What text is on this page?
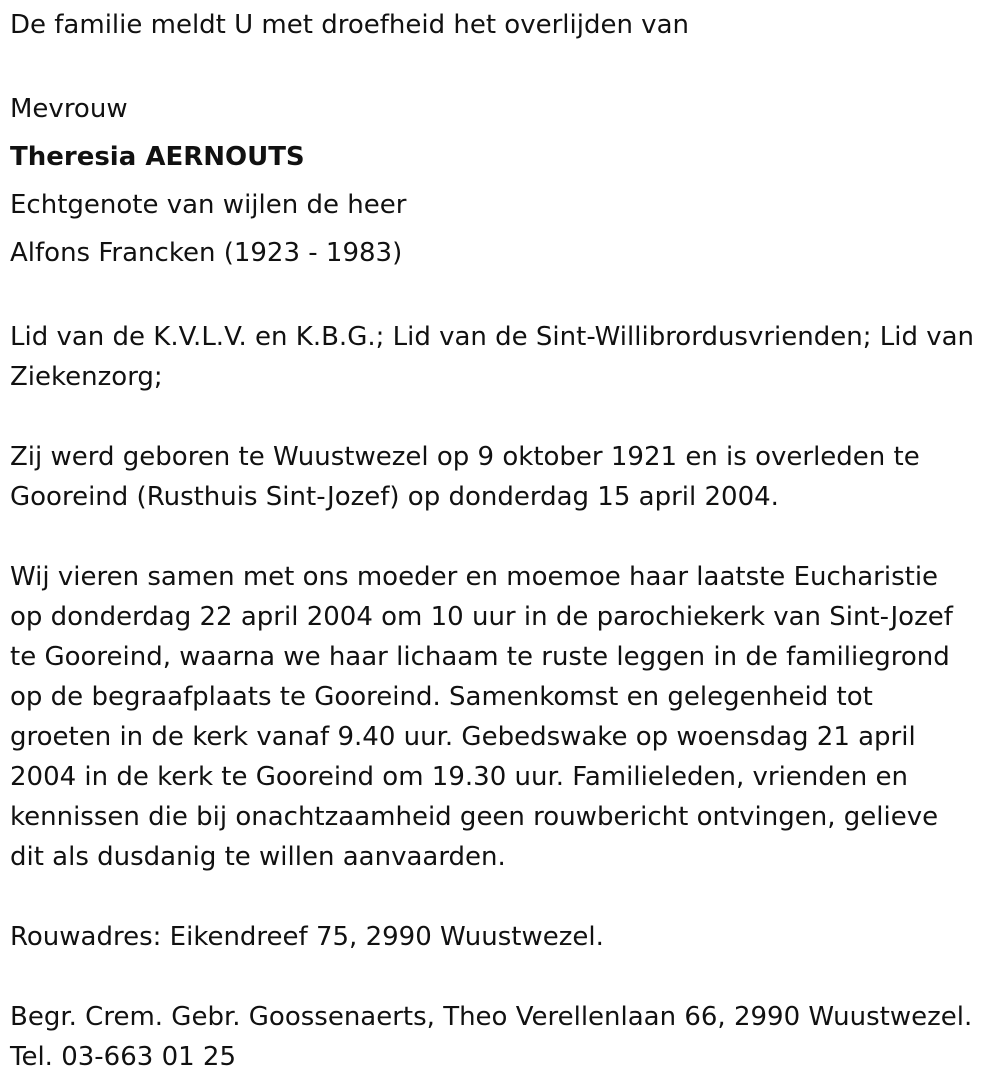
De familie meldt U met droefheid het overlijden van
Mevrouw
Theresia AERNOUTS
Echtgenote van wijlen de heer
Alfons Francken (1923 - 1983)

Lid van de K.V.L.V. en K.B.G.; Lid van de Sint-Willibrordusvrienden; Lid van
Ziekenzorg;

Zij werd geboren te Wuustwezel op 9 oktober 1921 en is overleden te
Gooreind (Rusthuis Sint-Jozef) op donderdag 15 april 2004.

Wij vieren samen met ons moeder en moemoe haar laatste Eucharistie
op donderdag 22 april 2004 om 10 uur in de parochiekerk van Sint-Jozef
te Gooreind, waarna we haar lichaam te ruste leggen in de familiegrond
op de begraafplaats te Gooreind. Samenkomst en gelegenheid tot
groeten in de kerk vanaf 9.40 uur. Gebedswake op woensdag 21 april
2004 in de kerk te Gooreind om 19.30 uur. Familieleden, vrienden en
kennissen die bij onachtzaamheid geen rouwbericht ontvingen, gelieve
dit als dusdanig te willen aanvaarden.

Rouwadres: Eikendreef 75, 2990 Wuustwezel.

Begr. Crem. Gebr. Goossenaerts, Theo Verellenlaan 66, 2990 Wuustwezel.
Tel. 03-663 01 25
